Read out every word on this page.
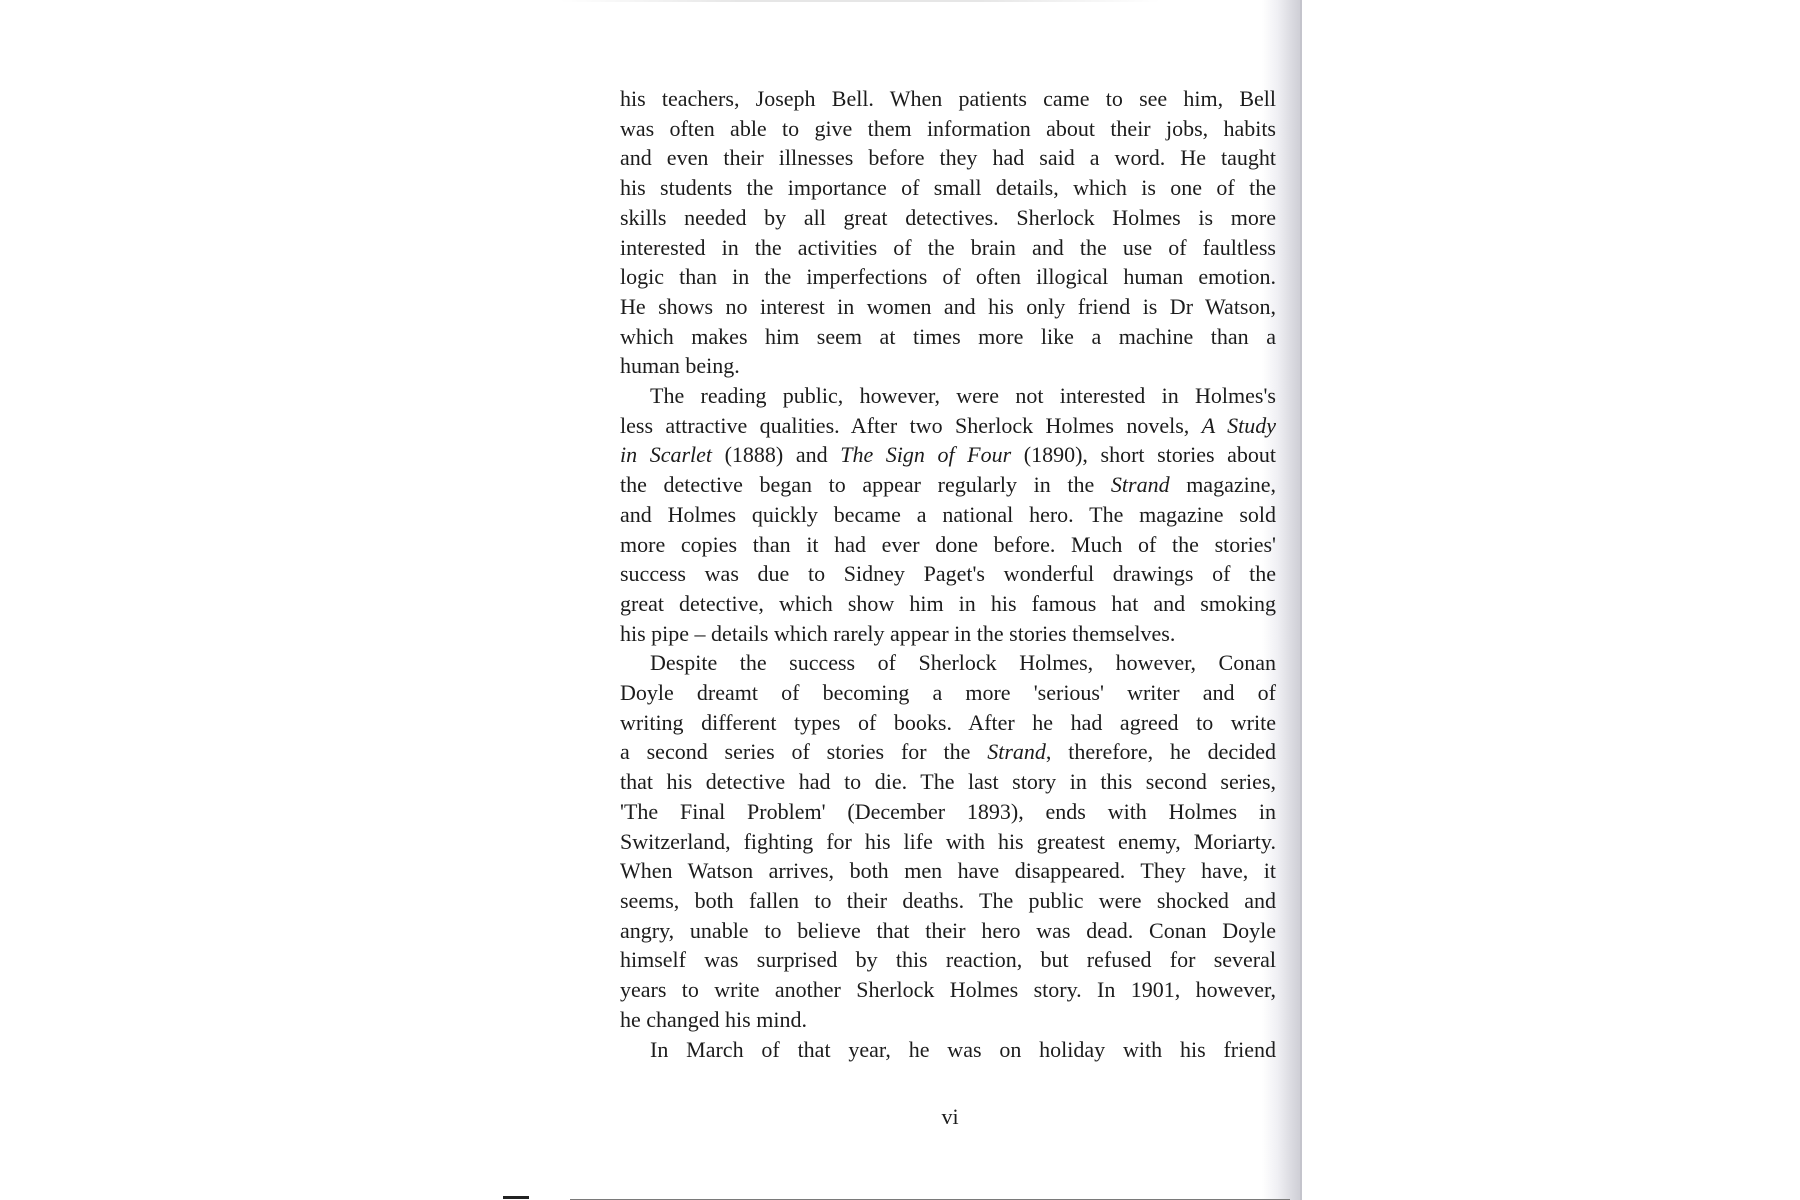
his teachers, Joseph Bell. When patients came to see him, Bell
was often able to give them information about their jobs, habits
and even their illnesses before they had said a word. He taught
his students the importance of small details, which is one of the
skills needed by all great detectives. Sherlock Holmes is more
interested in the activities of the brain and the use of faultless
logic than in the imperfections of often illogical human emotion.
He shows no interest in women and his only friend is Dr Watson,
which makes him seem at times more like a machine than a
human being.

The reading public, however, were not interested in Holmes's
less attractive qualities. After two Sherlock Holmes novels, A Study
in Scarlet (1888) and The Sign of Four (1890), short stories about
the detective began to appear regularly in the Strand magazine,
and Holmes quickly became a national hero. The magazine sold
more copies than it had ever done before. Much of the stories'
success was due to Sidney Paget's wonderful drawings of the
great detective, which show him in his famous hat and smoking
his pipe – details which rarely appear in the stories themselves.

Despite the success of Sherlock Holmes, however, Conan
Doyle dreamt of becoming a more 'serious' writer and of
writing different types of books. After he had agreed to write
a second series of stories for the Strand, therefore, he decided
that his detective had to die. The last story in this second series,
'The Final Problem' (December 1893), ends with Holmes in
Switzerland, fighting for his life with his greatest enemy, Moriarty.
When Watson arrives, both men have disappeared. They have, it
seems, both fallen to their deaths. The public were shocked and
angry, unable to believe that their hero was dead. Conan Doyle
himself was surprised by this reaction, but refused for several
years to write another Sherlock Holmes story. In 1901, however,
he changed his mind.

In March of that year, he was on holiday with his friend

vi
